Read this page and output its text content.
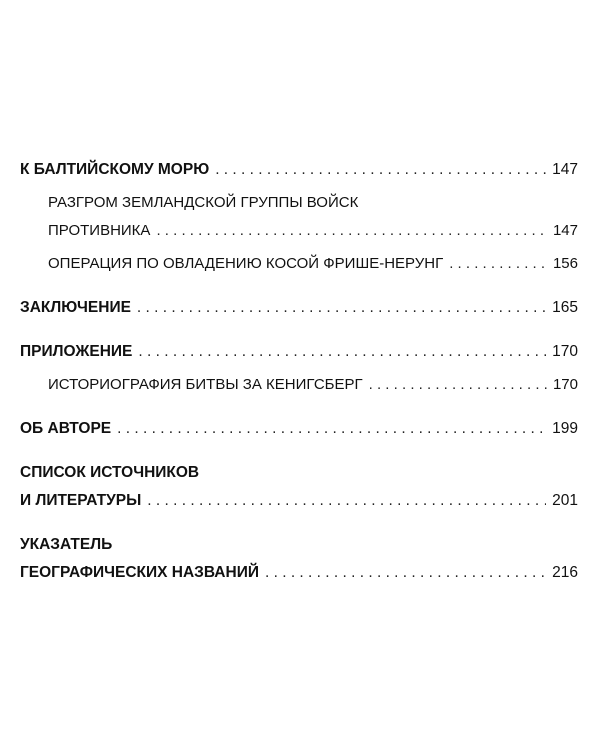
К БАЛТИЙСКОМУ МОРЮ . . .	147
РАЗГРОМ ЗЕМЛАНДСКОЙ ГРУППЫ ВОЙСК
ПРОТИВНИКА . . .	147
ОПЕРАЦИЯ ПО ОВЛАДЕНИЮ КОСОЙ ФРИШЕ-НЕРУНГ . . .	156
ЗАКЛЮЧЕНИЕ . . .	165
ПРИЛОЖЕНИЕ . . .	170
ИСТОРИОГРАФИЯ БИТВЫ ЗА КЕНИГСБЕРГ . . .	170
ОБ АВТОРЕ . . .	199
СПИСОК ИСТОЧНИКОВ
И ЛИТЕРАТУРЫ . . .	201
УКАЗАТЕЛЬ
ГЕОГРАФИЧЕСКИХ НАЗВАНИЙ . . .	216
